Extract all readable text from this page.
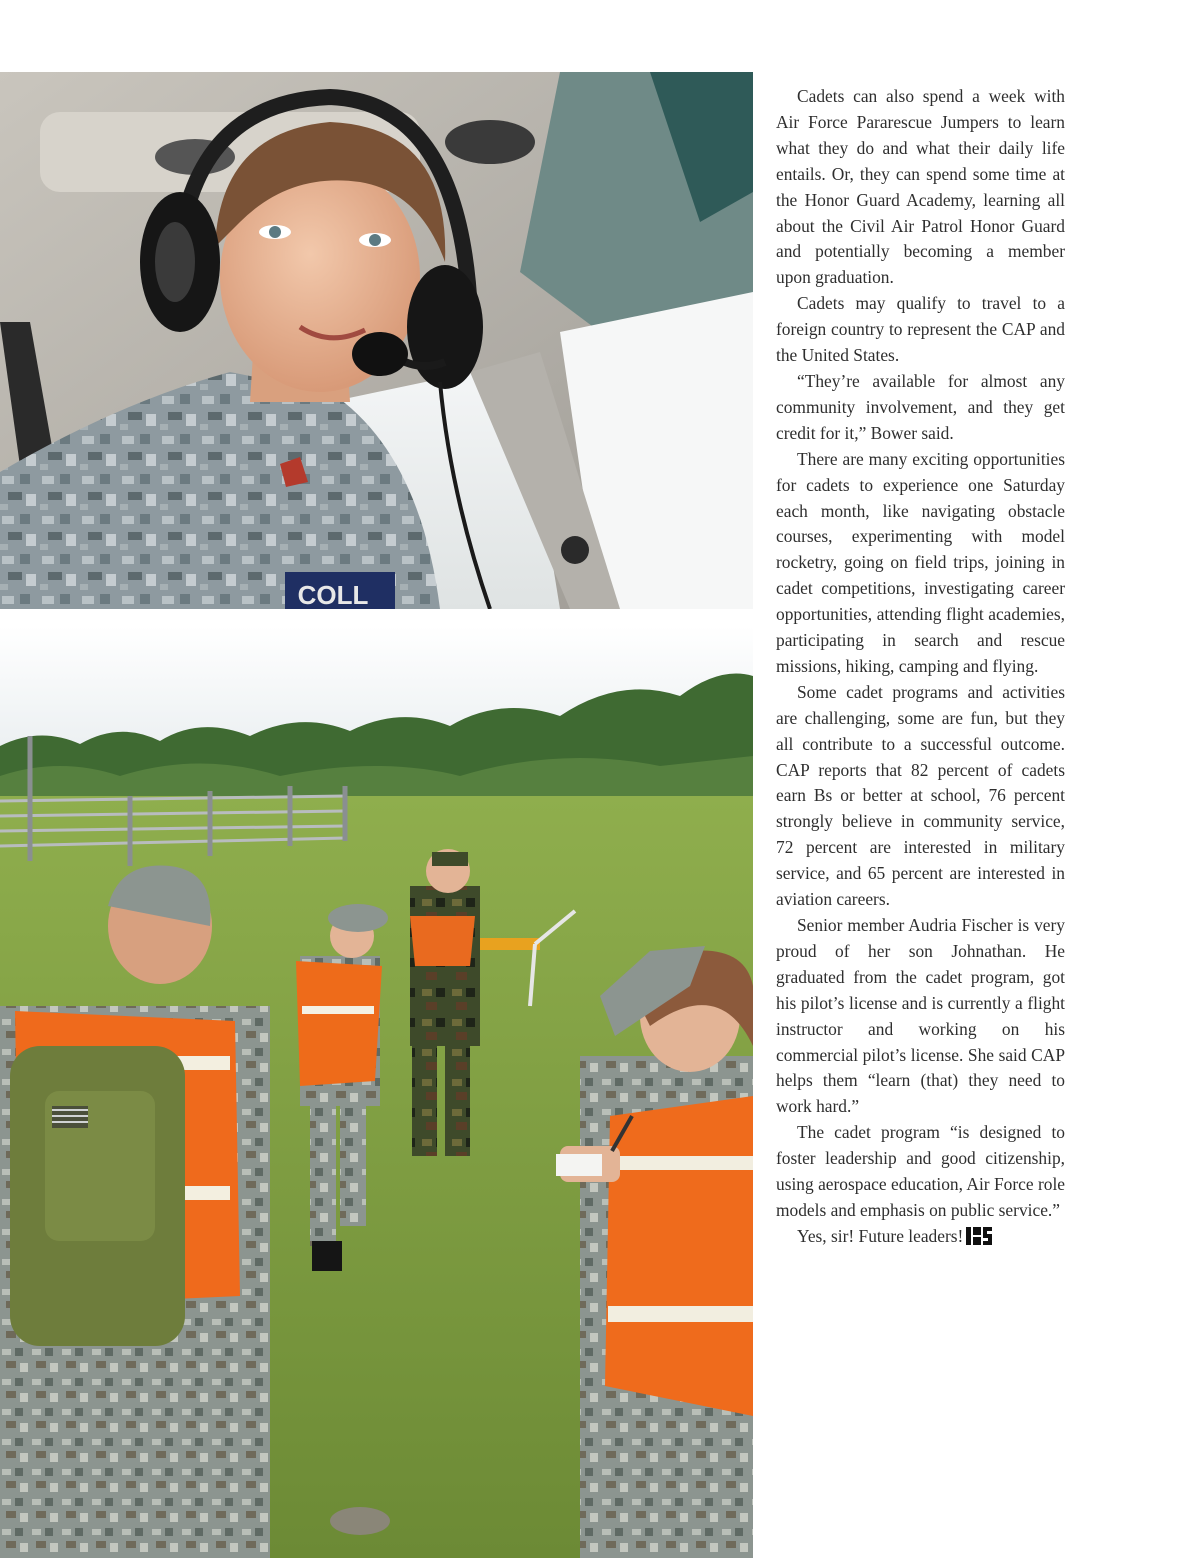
COLL

Cadets can also spend a week with Air Force Pararescue Jumpers to learn what they do and what their daily life entails. Or, they can spend some time at the Honor Guard Academy, learning all about the Civil Air Patrol Honor Guard and potentially becoming a member upon graduation.

Cadets may qualify to travel to a foreign country to represent the CAP and the United States.

“They’re available for almost any community involvement, and they get credit for it,” Bower said.

There are many exciting opportunities for cadets to experience one Saturday each month, like navigating obstacle courses, experimenting with model rocketry, going on field trips, joining in cadet competitions, investigating career opportunities, attending flight academies, participating in search and rescue missions, hiking, camping and flying.

Some cadet programs and activities are challenging, some are fun, but they all contribute to a successful outcome. CAP reports that 82 percent of cadets earn Bs or better at school, 76 percent strongly believe in community service, 72 percent are interested in military service, and 65 percent are interested in aviation careers.

Senior member Audria Fischer is very proud of her son Johnathan. He graduated from the cadet program, got his pilot’s license and is currently a flight instructor and working on his commercial pilot’s license. She said CAP helps them “learn (that) they need to work hard.”

The cadet program “is designed to foster leadership and good citizenship, using aerospace education, Air Force role models and emphasis on public service.”

Yes, sir! Future leaders!
